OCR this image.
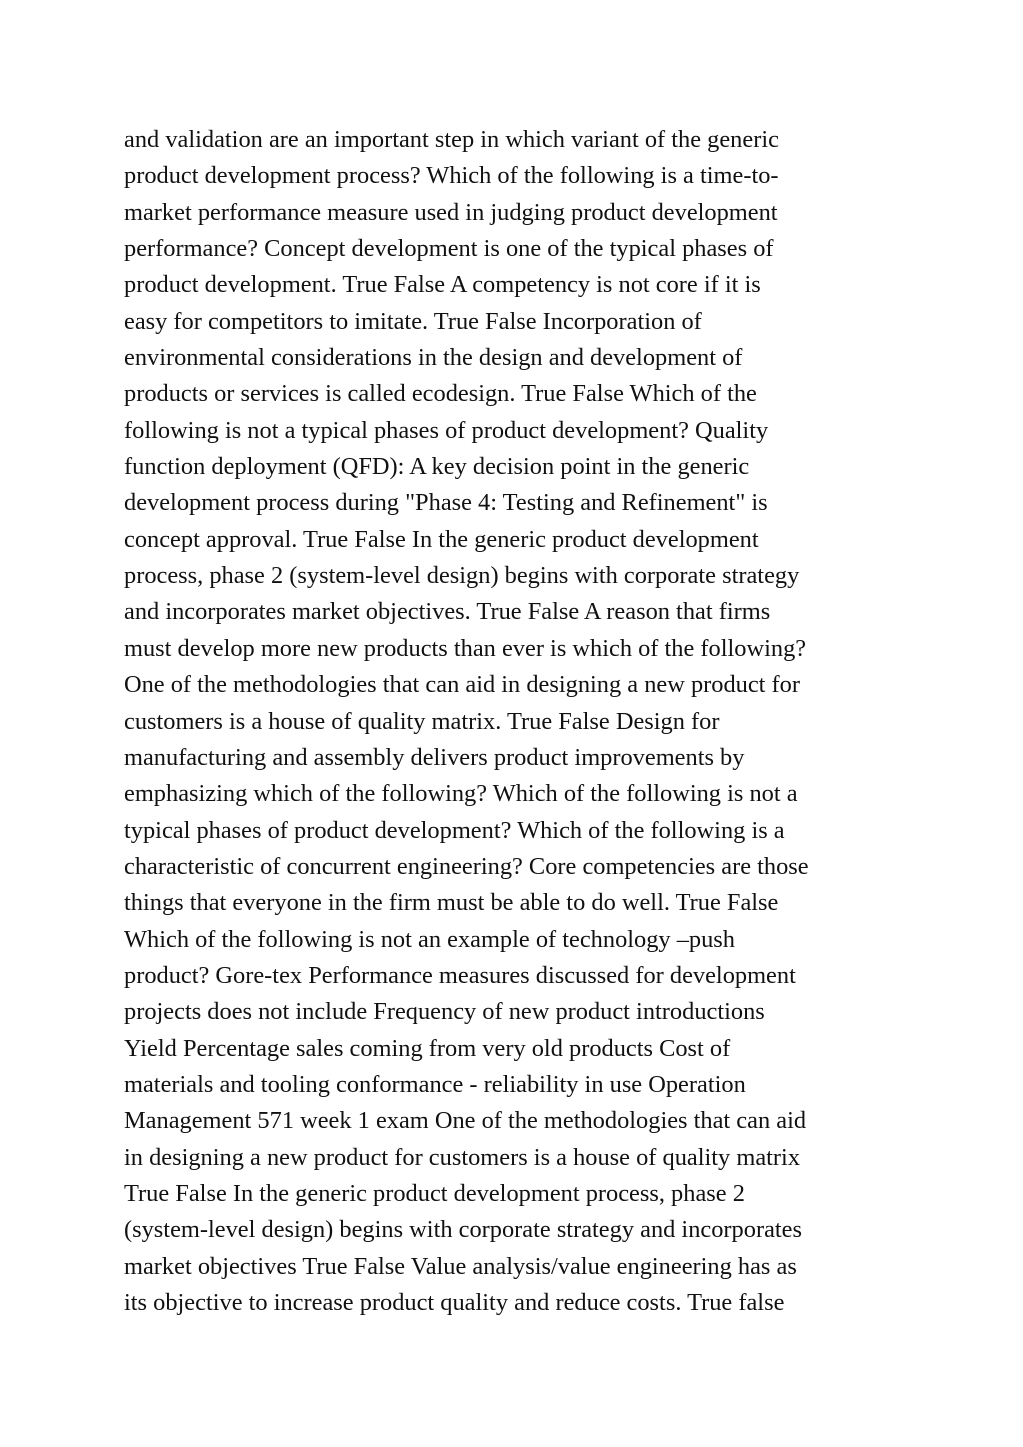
and validation are an important step in which variant of the generic
product development process? Which of the following is a time-to-
market performance measure used in judging product development
performance? Concept development is one of the typical phases of
product development. True False A competency is not core if it is
easy for competitors to imitate. True False Incorporation of
environmental considerations in the design and development of
products or services is called ecodesign. True False Which of the
following is not a typical phases of product development? Quality
function deployment (QFD): A key decision point in the generic
development process during "Phase 4: Testing and Refinement" is
concept approval. True False In the generic product development
process, phase 2 (system-level design) begins with corporate strategy
and incorporates market objectives. True False A reason that firms
must develop more new products than ever is which of the following?
One of the methodologies that can aid in designing a new product for
customers is a house of quality matrix. True False Design for
manufacturing and assembly delivers product improvements by
emphasizing which of the following? Which of the following is not a
typical phases of product development? Which of the following is a
characteristic of concurrent engineering? Core competencies are those
things that everyone in the firm must be able to do well. True False
Which of the following is not an example of technology –push
product? Gore-tex Performance measures discussed for development
projects does not include Frequency of new product introductions
Yield Percentage sales coming from very old products Cost of
materials and tooling conformance - reliability in use Operation
Management 571 week 1 exam One of the methodologies that can aid
in designing a new product for customers is a house of quality matrix
True False In the generic product development process, phase 2
(system-level design) begins with corporate strategy and incorporates
market objectives True False Value analysis/value engineering has as
its objective to increase product quality and reduce costs. True false
